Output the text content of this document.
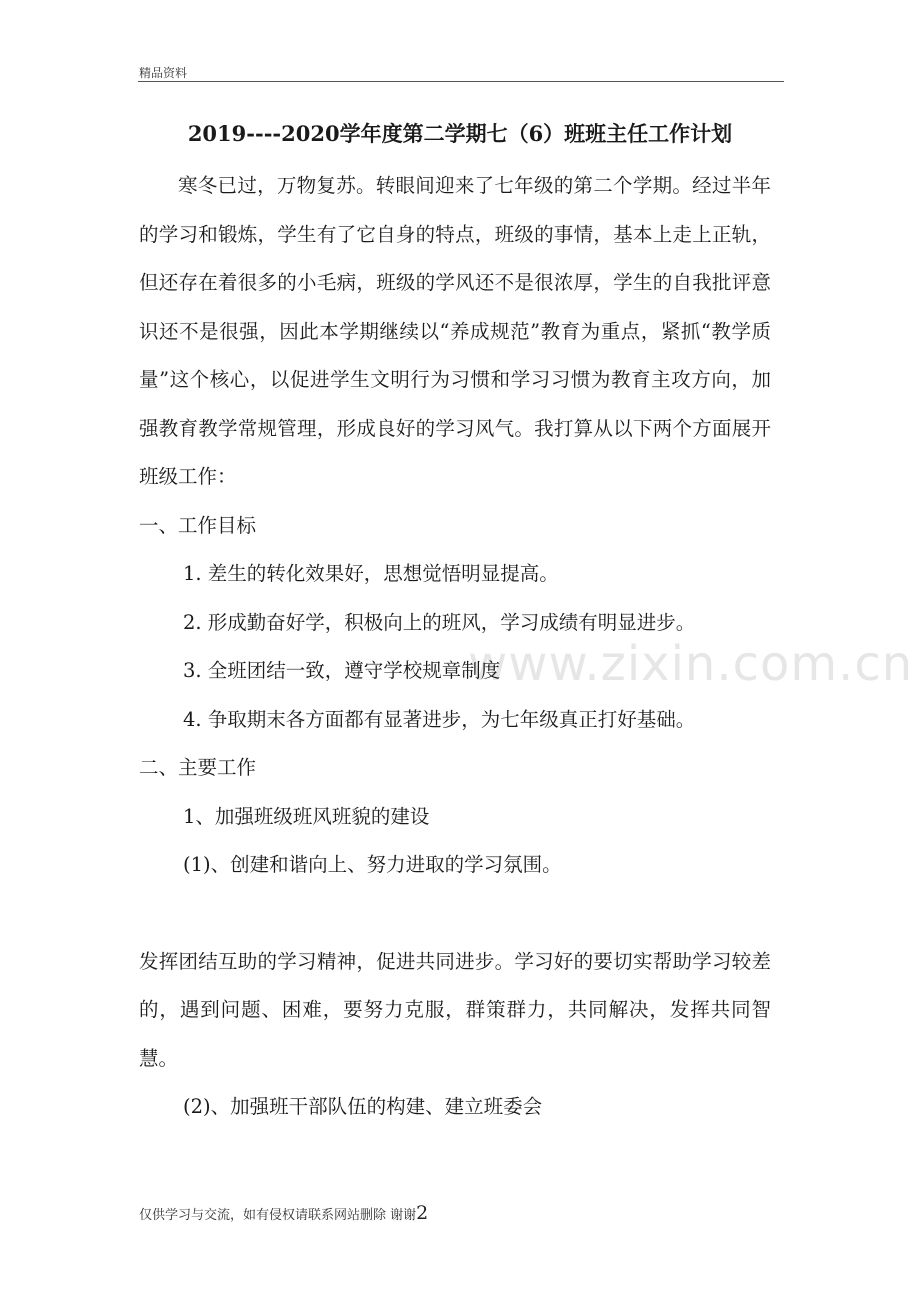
精品资料
2019----2020学年度第二学期七（6）班班主任工作计划
www.zixin.com.cn

寒冬已过，万物复苏。转眼间迎来了七年级的第二个学期。经过半年的学习和锻炼，学生有了它自身的特点，班级的事情，基本上走上正轨，但还存在着很多的小毛病，班级的学风还不是很浓厚，学生的自我批评意识还不是很强，因此本学期继续以“养成规范”教育为重点，紧抓“教学质量”这个核心，以促进学生文明行为习惯和学习习惯为教育主攻方向，加强教育教学常规管理，形成良好的学习风气。我打算从以下两个方面展开班级工作：

一、工作目标

1. 差生的转化效果好，思想觉悟明显提高。

2. 形成勤奋好学，积极向上的班风，学习成绩有明显进步。

3. 全班团结一致，遵守学校规章制度

4. 争取期末各方面都有显著进步，为七年级真正打好基础。

二、主要工作

1、加强班级班风班貌的建设

(1)、创建和谐向上、努力进取的学习氛围。

发挥团结互助的学习精神，促进共同进步。学习好的要切实帮助学习较差的，遇到问题、困难，要努力克服，群策群力，共同解决，发挥共同智慧。

(2)、加强班干部队伍的构建、建立班委会

仅供学习与交流，如有侵权请联系网站删除 谢谢2
